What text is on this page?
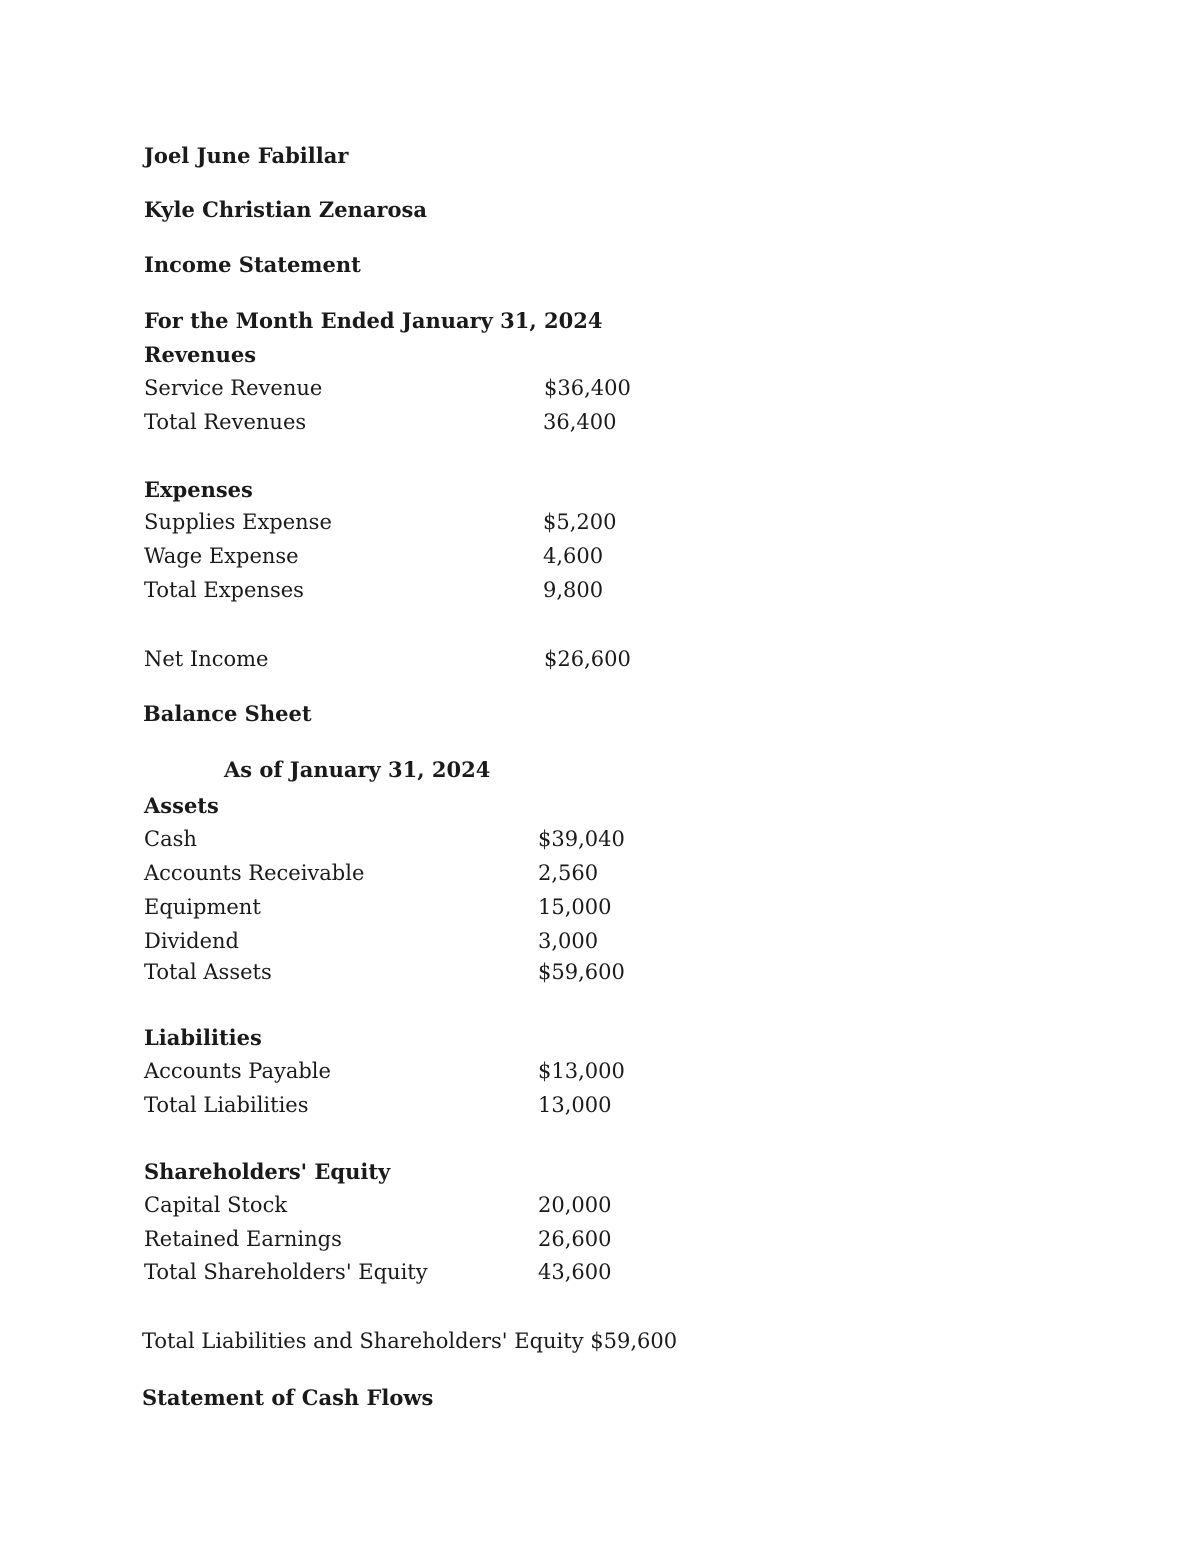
Joel June Fabillar
Kyle Christian Zenarosa
Income Statement
For the Month Ended January 31, 2024
Revenues
Service Revenue	$36,400
Total Revenues	36,400
Expenses
Supplies Expense	$5,200
Wage Expense	4,600
Total Expenses	9,800
Net Income	$26,600
Balance Sheet
As of January 31, 2024
Assets
Cash	$39,040
Accounts Receivable	2,560
Equipment	15,000
Dividend	3,000
Total Assets	$59,600
Liabilities
Accounts Payable	$13,000
Total Liabilities	13,000
Shareholders' Equity
Capital Stock	20,000
Retained Earnings	26,600
Total Shareholders' Equity	43,600
Total Liabilities and Shareholders' Equity $59,600
Statement of Cash Flows
